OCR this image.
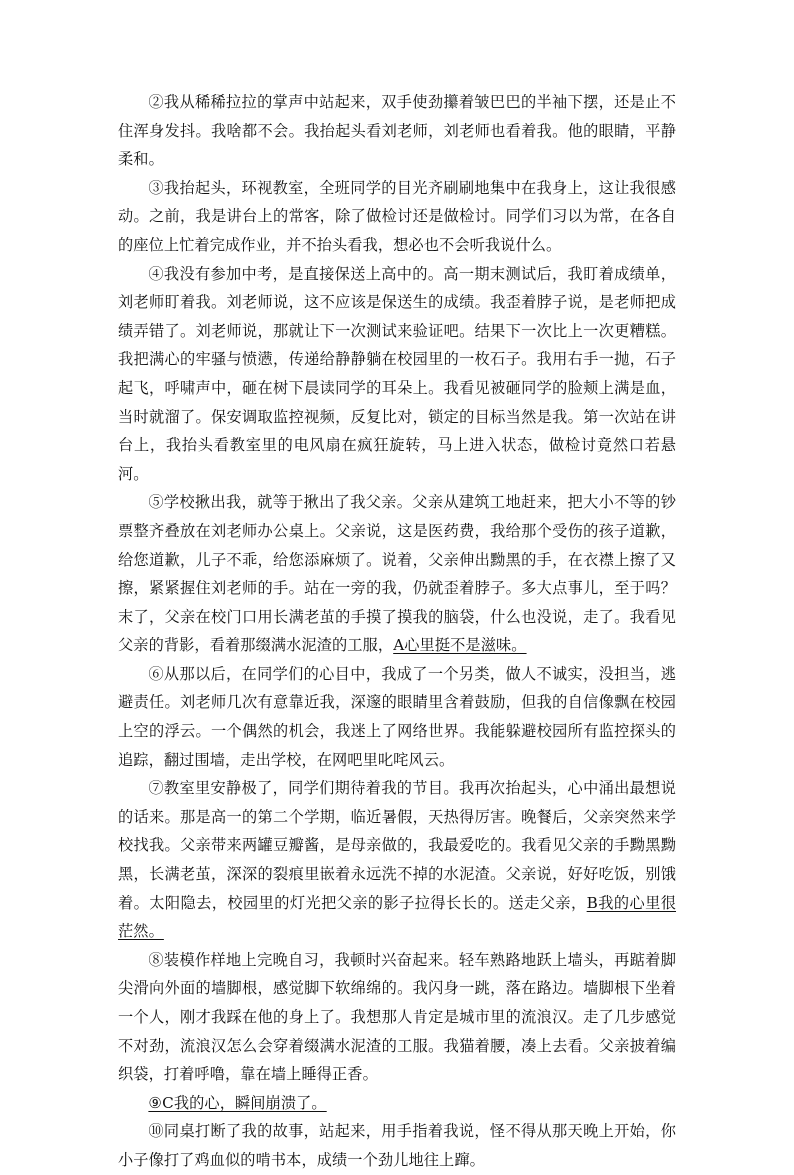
②我从稀稀拉拉的掌声中站起来，双手使劲攥着皱巴巴的半袖下摆，还是止不住浑身发抖。我啥都不会。我抬起头看刘老师，刘老师也看着我。他的眼睛，平静柔和。

③我抬起头，环视教室，全班同学的目光齐刷刷地集中在我身上，这让我很感动。之前，我是讲台上的常客，除了做检讨还是做检讨。同学们习以为常，在各自的座位上忙着完成作业，并不抬头看我，想必也不会听我说什么。

④我没有参加中考，是直接保送上高中的。高一期末测试后，我盯着成绩单，刘老师盯着我。刘老师说，这不应该是保送生的成绩。我歪着脖子说，是老师把成绩弄错了。刘老师说，那就让下一次测试来验证吧。结果下一次比上一次更糟糕。我把满心的牢骚与愤懑，传递给静静躺在校园里的一枚石子。我用右手一抛，石子起飞，呼啸声中，砸在树下晨读同学的耳朵上。我看见被砸同学的脸颊上满是血，当时就溜了。保安调取监控视频，反复比对，锁定的目标当然是我。第一次站在讲台上，我抬头看教室里的电风扇在疯狂旋转，马上进入状态，做检讨竟然口若悬河。

⑤学校揪出我，就等于揪出了我父亲。父亲从建筑工地赶来，把大小不等的钞票整齐叠放在刘老师办公桌上。父亲说，这是医药费，我给那个受伤的孩子道歉，给您道歉，儿子不乖，给您添麻烦了。说着，父亲伸出黝黑的手，在衣襟上擦了又擦，紧紧握住刘老师的手。站在一旁的我，仍就歪着脖子。多大点事儿，至于吗？末了，父亲在校门口用长满老茧的手摸了摸我的脑袋，什么也没说，走了。我看见父亲的背影，看着那缀满水泥渣的工服，A心里挺不是滋味。

⑥从那以后，在同学们的心目中，我成了一个另类，做人不诚实，没担当，逃避责任。刘老师几次有意靠近我，深邃的眼睛里含着鼓励，但我的自信像飘在校园上空的浮云。一个偶然的机会，我迷上了网络世界。我能躲避校园所有监控探头的追踪，翻过围墙，走出学校，在网吧里叱咤风云。

⑦教室里安静极了，同学们期待着我的节目。我再次抬起头，心中涌出最想说的话来。那是高一的第二个学期，临近暑假，天热得厉害。晚餐后，父亲突然来学校找我。父亲带来两罐豆瓣酱，是母亲做的，我最爱吃的。我看见父亲的手黝黑黝黑，长满老茧，深深的裂痕里嵌着永远洗不掉的水泥渣。父亲说，好好吃饭，别饿着。太阳隐去，校园里的灯光把父亲的影子拉得长长的。送走父亲，B我的心里很茫然。

⑧装模作样地上完晚自习，我顿时兴奋起来。轻车熟路地跃上墙头，再踮着脚尖滑向外面的墙脚根，感觉脚下软绵绵的。我闪身一跳，落在路边。墙脚根下坐着一个人，刚才我踩在他的身上了。我想那人肯定是城市里的流浪汉。走了几步感觉不对劲，流浪汉怎么会穿着缀满水泥渣的工服。我猫着腰，凑上去看。父亲披着编织袋，打着呼噜，靠在墙上睡得正香。

⑨C我的心，瞬间崩溃了。

⑩同桌打断了我的故事，站起来，用手指着我说，怪不得从那天晚上开始，你小子像打了鸡血似的啃书本，成绩一个劲儿地往上蹿。
